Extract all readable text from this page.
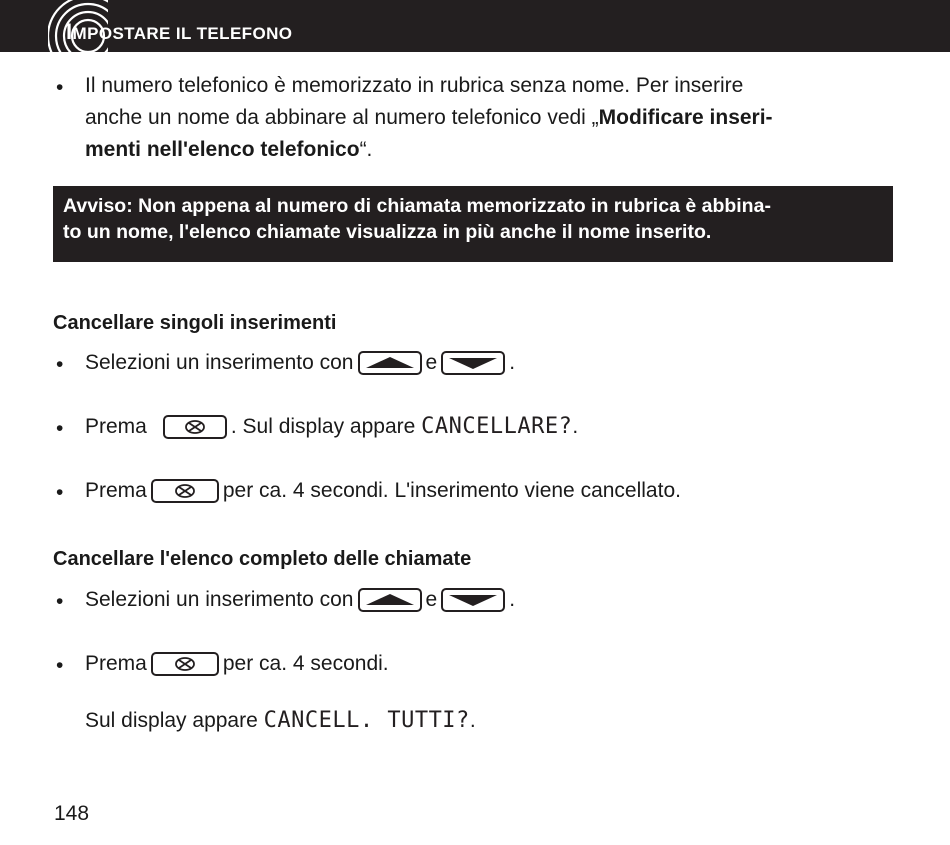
IMPOSTARE IL TELEFONO
• Il numero telefonico è memorizzato in rubrica senza nome. Per inserire
anche un nome da abbinare al numero telefonico vedi „Modificare inseri-
menti nell'elenco telefonico“.
Avviso: Non appena al numero di chiamata memorizzato in rubrica è abbina-
to un nome, l'elenco chiamate visualizza in più anche il nome inserito.
Cancellare singoli inserimenti
• Selezioni un inserimento con	e	.
• Prema	. Sul display appare CANCELLARE?.
• Prema	per ca. 4 secondi. L'inserimento viene cancellato.
Cancellare l'elenco completo delle chiamate
• Selezioni un inserimento con	e	.
• Prema	per ca. 4 secondi.
Sul display appare CANCELL. TUTTI?.
148
